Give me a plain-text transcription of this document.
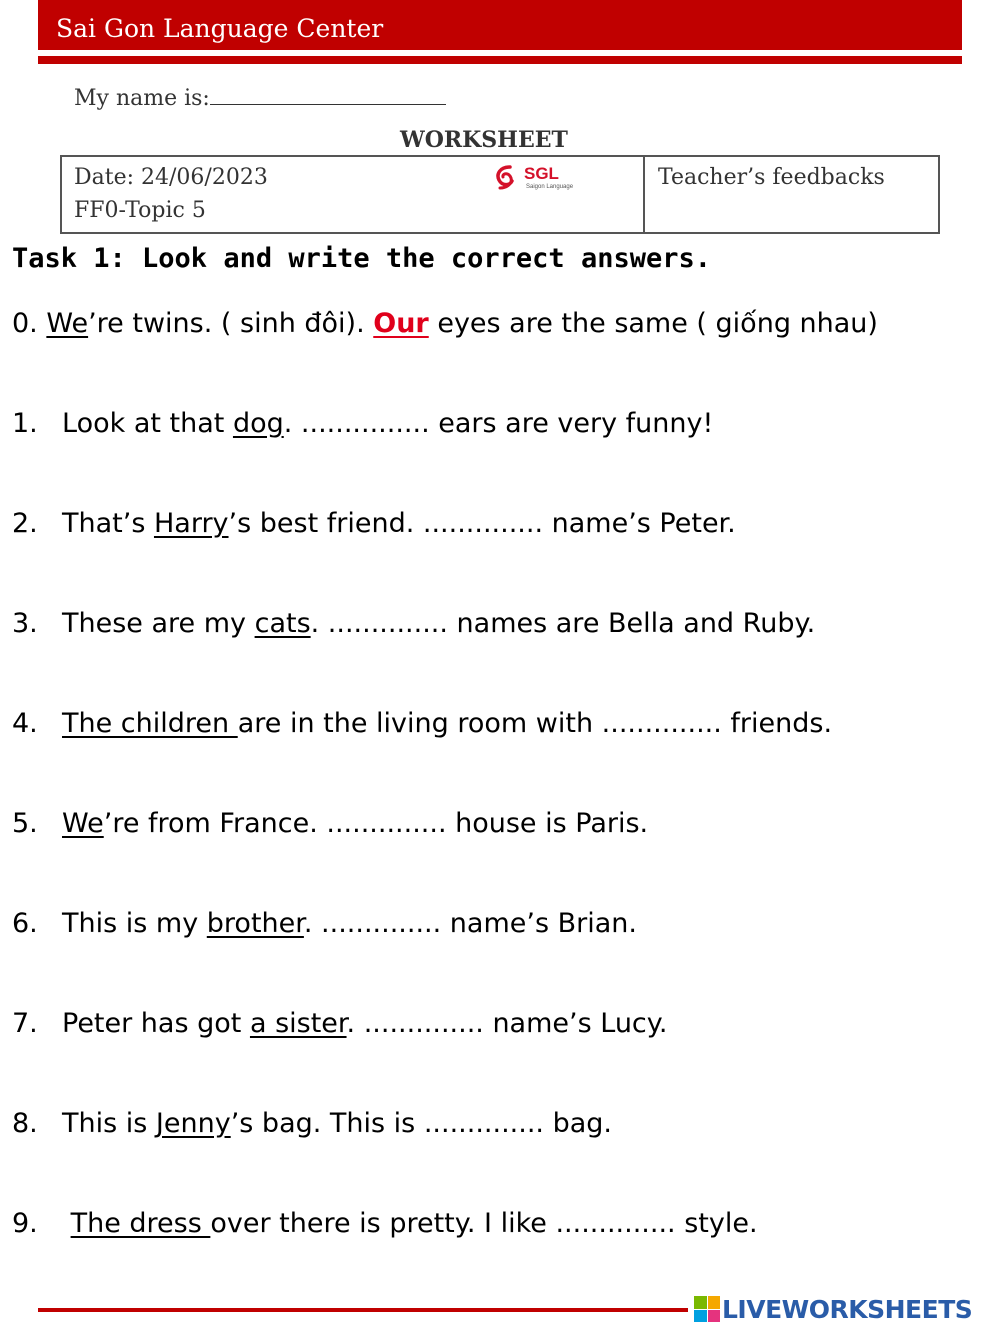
Sai Gon Language Center
My name is:
WORKSHEET
Date: 24/06/2023
FF0-Topic 5
SGL
Saigon Language	Teacher’s feedbacks
Task 1: Look and write the correct answers.
0. We’re twins. ( sinh đôi). Our eyes are the same ( giống nhau)
1. Look at that dog. ............... ears are very funny!
2. That’s Harry’s best friend. .............. name’s Peter.
3. These are my cats. .............. names are Bella and Ruby.
4. The children are in the living room with .............. friends.
5. We’re from France. .............. house is Paris.
6. This is my brother. .............. name’s Brian.
7. Peter has got a sister. .............. name’s Lucy.
8. This is Jenny’s bag. This is .............. bag.
9. The dress over there is pretty. I like .............. style.
LIVEWORKSHEETS
